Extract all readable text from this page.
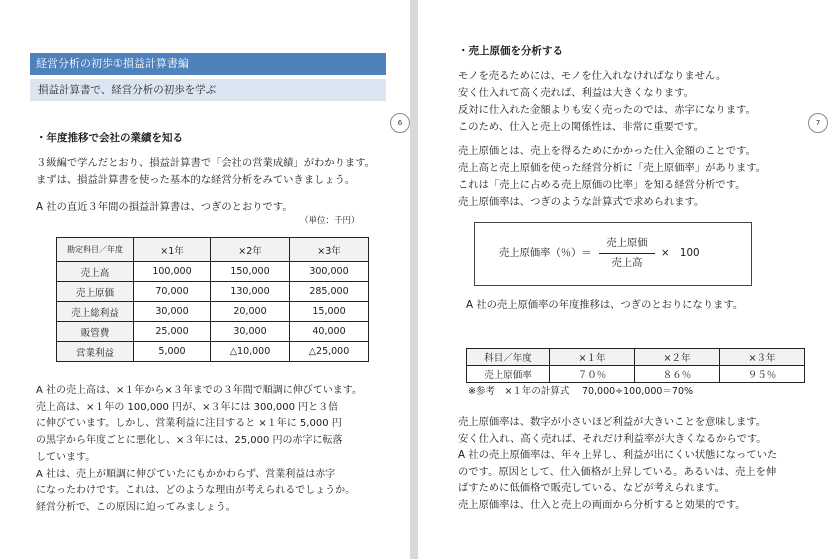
経営分析の初歩①損益計算書編
損益計算書で、経営分析の初歩を学ぶ
6
・年度推移で会社の業績を知る
３級編で学んだとおり、損益計算書で「会社の営業成績」がわかります。
まずは、損益計算書を使った基本的な経営分析をみていきましょう。
A 社の直近３年間の損益計算書は、つぎのとおりです。
（単位：千円）
勘定科目／年度	×1年	×2年	×3年
売上高	100,000	150,000	300,000
売上原価	70,000	130,000	285,000
売上総利益	30,000	20,000	15,000
販管費	25,000	30,000	40,000
営業利益	5,000	△10,000	△25,000
A 社の売上高は、×１年から×３年までの３年間で順調に伸びています。
売上高は、×１年の 100,000 円が、×３年には 300,000 円と３倍
に伸びています。しかし、営業利益に注目すると ×１年に 5,000 円
の黒字から年度ごとに悪化し、×３年には、25,000 円の赤字に転落
しています。
A 社は、売上が順調に伸びていたにもかかわらず、営業利益は赤字
になったわけです。これは、どのような理由が考えられるでしょうか。
経営分析で、この原因に迫ってみましょう。
7
・売上原価を分析する
モノを売るためには、モノを仕入れなければなりません。
安く仕入れて高く売れば、利益は大きくなります。
反対に仕入れた金額よりも安く売ったのでは、赤字になります。
このため、仕入と売上の関係性は、非常に重要です。
売上原価とは、売上を得るためにかかった仕入金額のことです。
売上高と売上原価を使った経営分析に「売上原価率」があります。
これは「売上に占める売上原価の比率」を知る経営分析です。
売上原価率は、つぎのような計算式で求められます。
売上原価率（％）＝
売上原価
売上高
×　100
A 社の売上原価率の年度推移は、つぎのとおりになります。
科目／年度	×１年	×２年	×３年
売上原価率	７０％	８６％	９５％
※参考　×１年の計算式　 70,000÷100,000＝70%
売上原価率は、数字が小さいほど利益が大きいことを意味します。
安く仕入れ、高く売れば、それだけ利益率が大きくなるからです。
A 社の売上原価率は、年々上昇し、利益が出にくい状態になっていた
のです。原因として、仕入価格が上昇している。あるいは、売上を伸
ばすために低価格で販売している、などが考えられます。
売上原価率は、仕入と売上の両面から分析すると効果的です。
